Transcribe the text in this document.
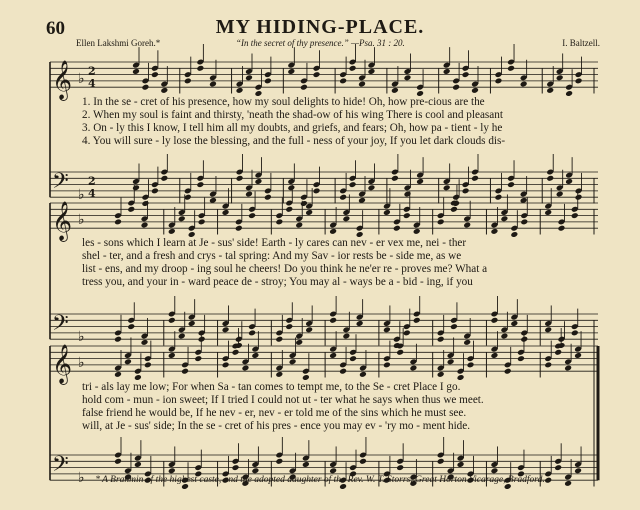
60	MY HIDING-PLACE.
Ellen Lakshmi Goreh.*	“In the secret of thy presence.” —Psa. 31 : 20.	I. Baltzell.
𝄞
𝄢
♭
♭
2
4
2
4
𝄞
𝄢
♭
♭
𝄞
𝄢
♭
♭
1. In the se - cret of his presence, how my soul delights to hide! Oh, how pre-cious are the
2. When my soul is faint and thirsty, 'neath the shad-ow of his wing There is cool and pleasant
3. On - ly this I know, I tell him all my doubts, and griefs, and fears; Oh, how pa - tient - ly he
4. You will sure - ly lose the blessing, and the full - ness of your joy, If you let dark clouds dis-
les - sons which I learn at Je - sus' side! Earth - ly cares can nev - er vex me, nei - ther
shel - ter, and a fresh and crys - tal spring: And my Sav - ior rests be - side me, as we
list - ens, and my droop - ing soul he cheers! Do you think he ne'er re - proves me? What a
tress you, and your in - ward peace de - stroy; You may al - ways be a - bid - ing, if you
tri - als lay me low; For when Sa - tan comes to tempt me, to the Se - cret Place I go.
hold com - mun - ion sweet; If I tried I could not ut - ter what he says when thus we meet.
false friend he would be, If he nev - er, nev - er told me of the sins which he must see.
will, at Je - sus' side; In the se - cret of his pres - ence you may ev - 'ry mo - ment hide.
* A Brahmin of the highest caste, and the adopted daughter of the Rev. W. T. Storrs, Great Horton Vicarage, Bradford.
